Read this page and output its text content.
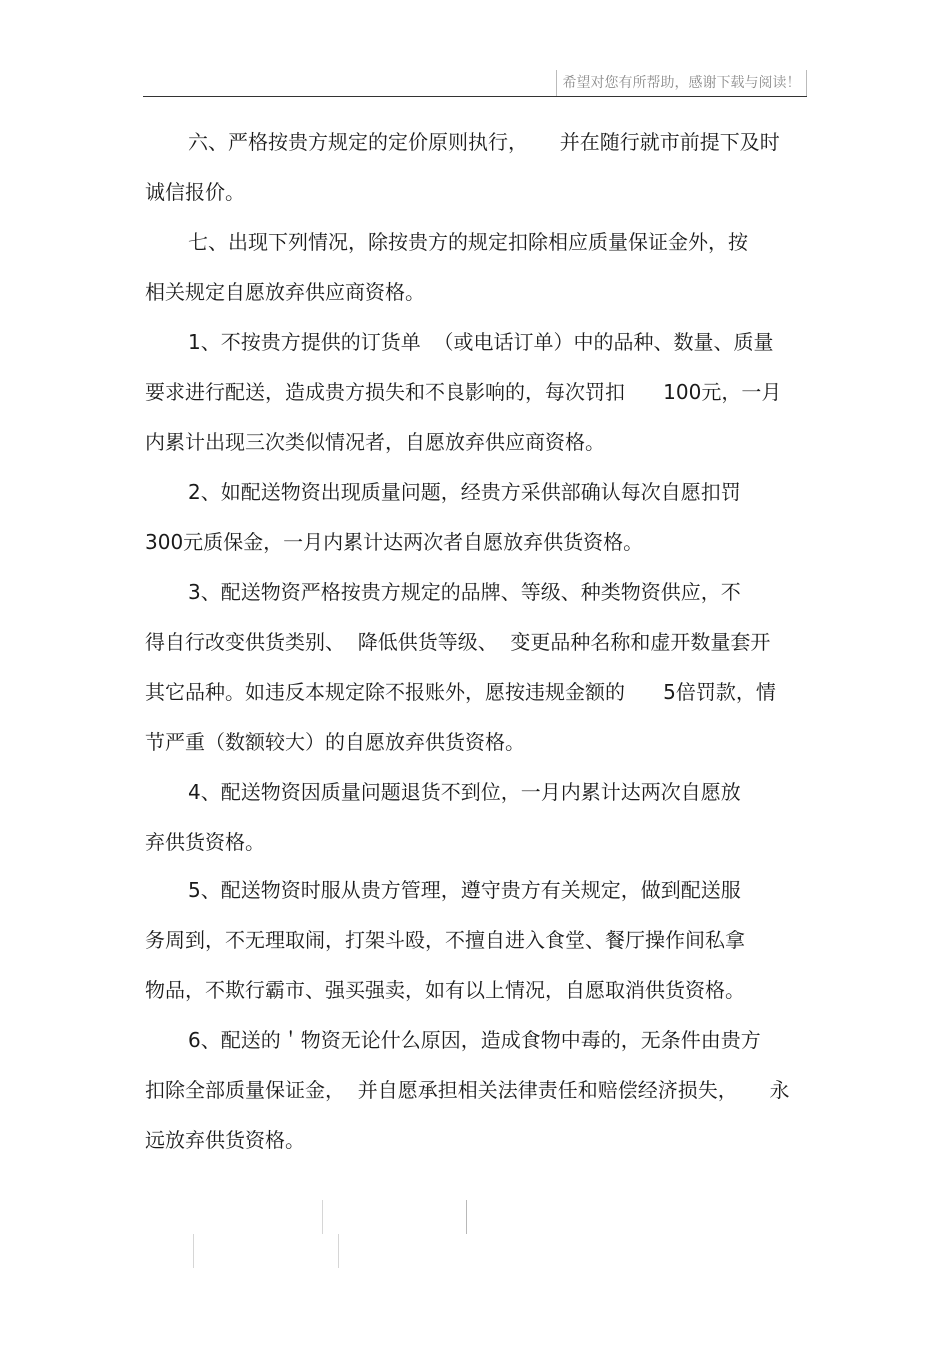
希望对您有所帮助，感谢下载与阅读！
六、严格按贵方规定的定价原则执行，     并在随行就市前提下及时
诚信报价。
七、出现下列情况，除按贵方的规定扣除相应质量保证金外，按
相关规定自愿放弃供应商资格。
1、不按贵方提供的订货单  （或电话订单）中的品种、数量、质量
要求进行配送，造成贵方损失和不良影响的，每次罚扣      100元，一月
内累计出现三次类似情况者，自愿放弃供应商资格。
2、如配送物资出现质量问题，经贵方采供部确认每次自愿扣罚
300元质保金，一月内累计达两次者自愿放弃供货资格。
3、配送物资严格按贵方规定的品牌、等级、种类物资供应，不
得自行改变供货类别、  降低供货等级、  变更品种名称和虚开数量套开
其它品种。如违反本规定除不报账外，愿按违规金额的      5倍罚款，情
节严重（数额较大）的自愿放弃供货资格。
4、配送物资因质量问题退货不到位，一月内累计达两次自愿放
弃供货资格。
5、配送物资时服从贵方管理，遵守贵方有关规定，做到配送服
务周到，不无理取闹，打架斗殴，不擅自进入食堂、餐厅操作间私拿
物品，不欺行霸市、强买强卖，如有以上情况，自愿取消供货资格。
6、配送的＇物资无论什么原因，造成食物中毒的，无条件由贵方
扣除全部质量保证金，  并自愿承担相关法律责任和赔偿经济损失，     永
远放弃供货资格。
